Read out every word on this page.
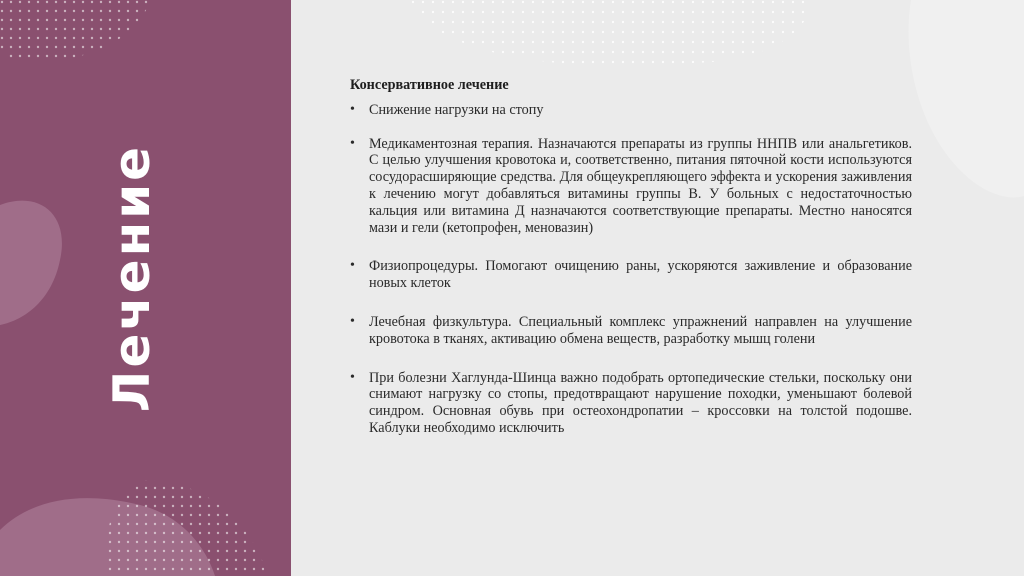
Лечение
Консервативное лечение
• Снижение нагрузки на стопу
• Медикаментозная терапия. Назначаются препараты из группы ННПВ или анальгетиков. С целью улучшения кровотока и, соответственно, питания пяточной кости используются сосудорасширяющие средства. Для общеукрепляющего эффекта и ускорения заживления к лечению могут добавляться витамины группы В. У больных с недостаточностью кальция или витамина Д назначаются соответствующие препараты. Местно наносятся мази и гели (кетопрофен, меновазин)
• Физиопроцедуры. Помогают очищению раны, ускоряются заживление и образование новых клеток
• Лечебная физкультура. Специальный комплекс упражнений направлен на улучшение кровотока в тканях, активацию обмена веществ, разработку мышц голени
• При болезни Хаглунда-Шинца важно подобрать ортопедические стельки, поскольку они снимают нагрузку со стопы, предотвращают нарушение походки, уменьшают болевой синдром. Основная обувь при остеохондропатии – кроссовки на толстой подошве. Каблуки необходимо исключить
